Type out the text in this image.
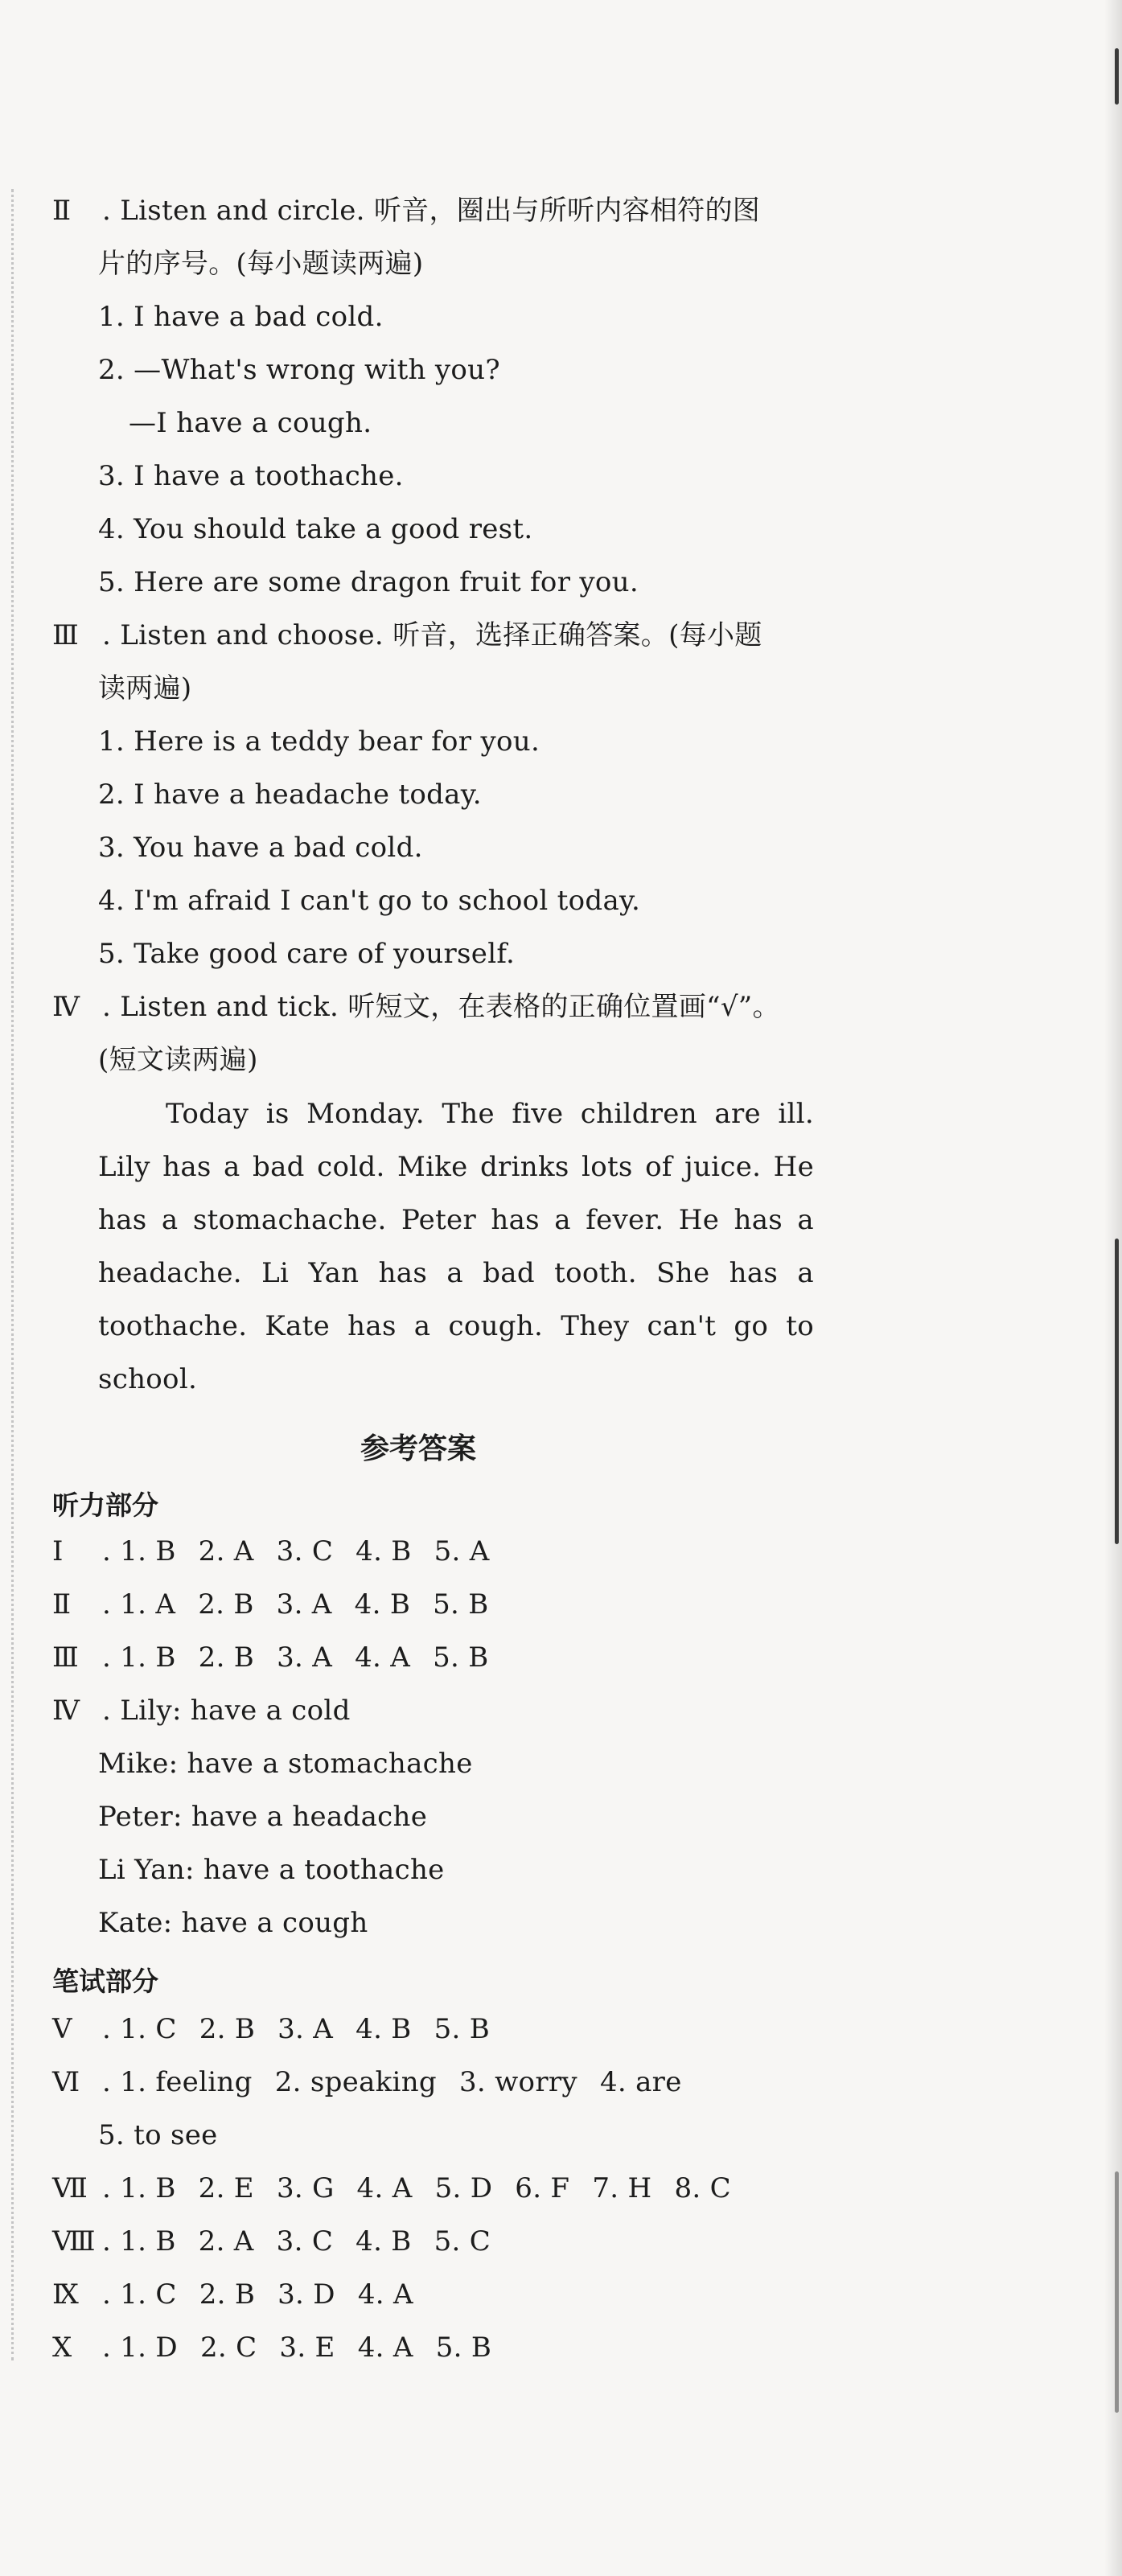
Ⅱ . Listen and circle. 听音，圈出与所听内容相符的图
片的序号。(每小题读两遍)
1. I have a bad cold.
2. —What's wrong with you?
—I have a cough.
3. I have a toothache.
4. You should take a good rest.
5. Here are some dragon fruit for you.
Ⅲ . Listen and choose. 听音，选择正确答案。(每小题
读两遍)
1. Here is a teddy bear for you.
2. I have a headache today.
3. You have a bad cold.
4. I'm afraid I can't go to school today.
5. Take good care of yourself.
Ⅳ . Listen and tick. 听短文，在表格的正确位置画“√”。
(短文读两遍)
Today is Monday. The five children are ill. Lily has a bad cold. Mike drinks lots of juice. He has a stomachache. Peter has a fever. He has a headache. Li Yan has a bad tooth. She has a toothache. Kate has a cough. They can't go to school.
参考答案
听力部分
Ⅰ . 1. B 2. A 3. C 4. B 5. A
Ⅱ . 1. A 2. B 3. A 4. B 5. B
Ⅲ . 1. B 2. B 3. A 4. A 5. B
Ⅳ . Lily: have a cold
Mike: have a stomachache
Peter: have a headache
Li Yan: have a toothache
Kate: have a cough
笔试部分
Ⅴ . 1. C 2. B 3. A 4. B 5. B
Ⅵ . 1. feeling 2. speaking 3. worry 4. are
5. to see
Ⅶ . 1. B 2. E 3. G 4. A 5. D 6. F 7. H 8. C
Ⅷ . 1. B 2. A 3. C 4. B 5. C
Ⅸ . 1. C 2. B 3. D 4. A
Ⅹ . 1. D 2. C 3. E 4. A 5. B
